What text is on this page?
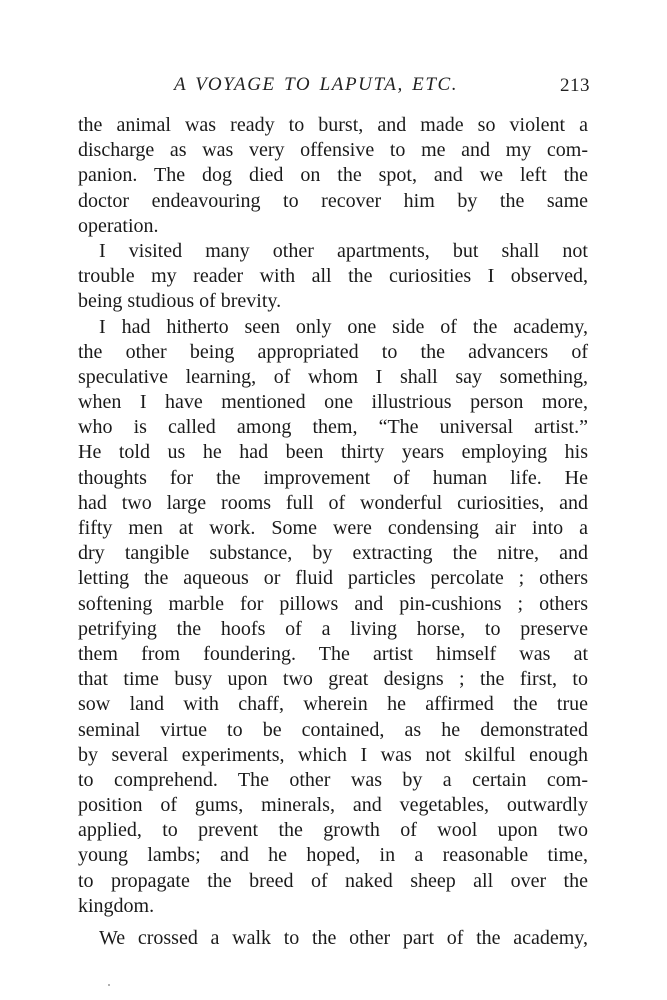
A VOYAGE TO LAPUTA, ETC.	213
the animal was ready to burst, and made so violent a
discharge as was very offensive to me and my com-
panion. The dog died on the spot, and we left the
doctor endeavouring to recover him by the same
operation.
I visited many other apartments, but shall not
trouble my reader with all the curiosities I observed,
being studious of brevity.
I had hitherto seen only one side of the academy,
the other being appropriated to the advancers of
speculative learning, of whom I shall say something,
when I have mentioned one illustrious person more,
who is called among them, “The universal artist.”
He told us he had been thirty years employing his
thoughts for the improvement of human life. He
had two large rooms full of wonderful curiosities, and
fifty men at work. Some were condensing air into a
dry tangible substance, by extracting the nitre, and
letting the aqueous or fluid particles percolate ; others
softening marble for pillows and pin-cushions ; others
petrifying the hoofs of a living horse, to preserve
them from foundering. The artist himself was at
that time busy upon two great designs ; the first, to
sow land with chaff, wherein he affirmed the true
seminal virtue to be contained, as he demonstrated
by several experiments, which I was not skilful enough
to comprehend. The other was by a certain com-
position of gums, minerals, and vegetables, outwardly
applied, to prevent the growth of wool upon two
young lambs; and he hoped, in a reasonable time,
to propagate the breed of naked sheep all over the
kingdom.
We crossed a walk to the other part of the academy,
